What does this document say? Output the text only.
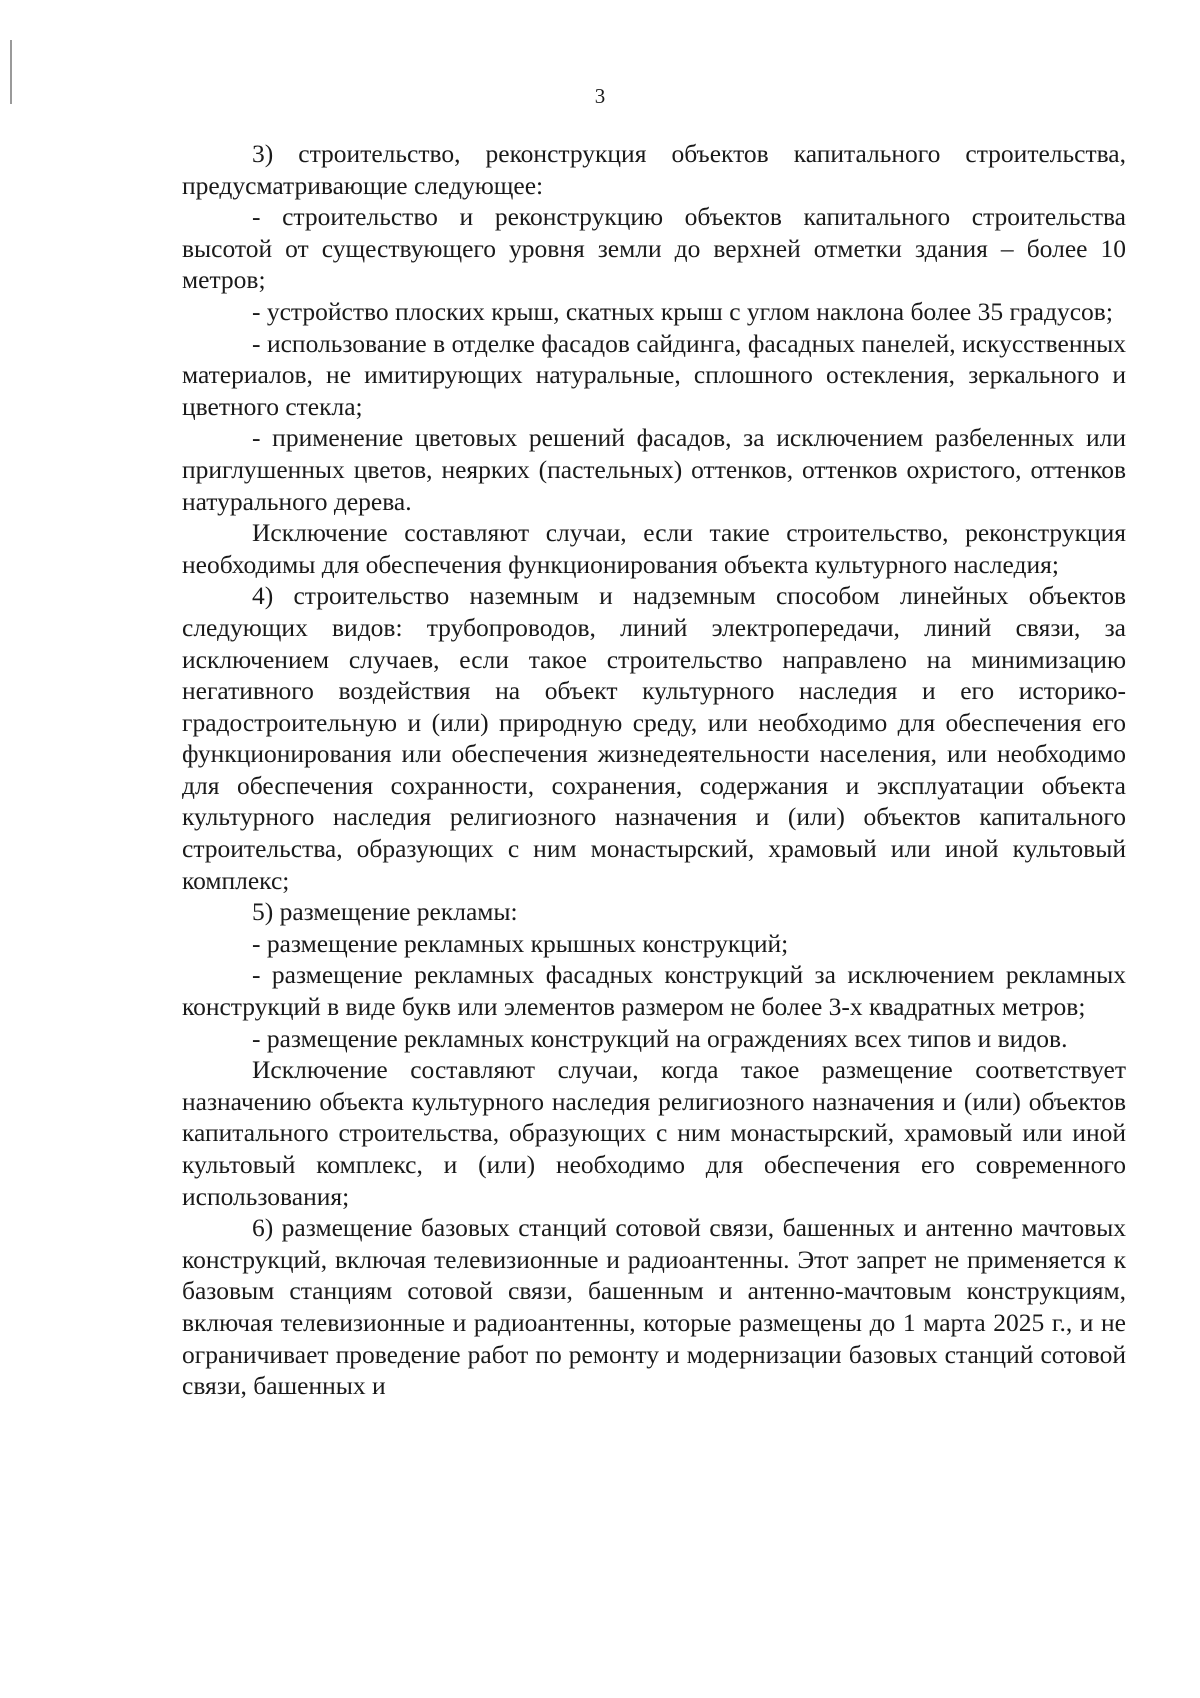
3

3) строительство, реконструкция объектов капитального строительства, предусматривающие следующее:

- строительство и реконструкцию объектов капитального строительства высотой от существующего уровня земли до верхней отметки здания – более 10 метров;

- устройство плоских крыш, скатных крыш с углом наклона более 35 градусов;

- использование в отделке фасадов сайдинга, фасадных панелей, искусственных материалов, не имитирующих натуральные, сплошного остекления, зеркального и цветного стекла;

- применение цветовых решений фасадов, за исключением разбеленных или приглушенных цветов, неярких (пастельных) оттенков, оттенков охристого, оттенков натурального дерева.

Исключение составляют случаи, если такие строительство, реконструкция необходимы для обеспечения функционирования объекта культурного наследия;

4) строительство наземным и надземным способом линейных объектов следующих видов: трубопроводов, линий электропередачи, линий связи, за исключением случаев, если такое строительство направлено на минимизацию негативного воздействия на объект культурного наследия и его историко-градостроительную и (или) природную среду, или необходимо для обеспечения его функционирования или обеспечения жизнедеятельности населения, или необходимо для обеспечения сохранности, сохранения, содержания и эксплуатации объекта культурного наследия религиозного назначения и (или) объектов капитального строительства, образующих с ним монастырский, храмовый или иной культовый комплекс;

5) размещение рекламы:

- размещение рекламных крышных конструкций;

- размещение рекламных фасадных конструкций за исключением рекламных конструкций в виде букв или элементов размером не более 3-х квадратных метров;

- размещение рекламных конструкций на ограждениях всех типов и видов.

Исключение составляют случаи, когда такое размещение соответствует назначению объекта культурного наследия религиозного назначения и (или) объектов капитального строительства, образующих с ним монастырский, храмовый или иной культовый комплекс, и (или) необходимо для обеспечения его современного использования;

6) размещение базовых станций сотовой связи, башенных и антенно мачтовых конструкций, включая телевизионные и радиоантенны. Этот запрет не применяется к базовым станциям сотовой связи, башенным и антенно-мачтовым конструкциям, включая телевизионные и радиоантенны, которые размещены до 1 марта 2025 г., и не ограничивает проведение работ по ремонту и модернизации базовых станций сотовой связи, башенных и
